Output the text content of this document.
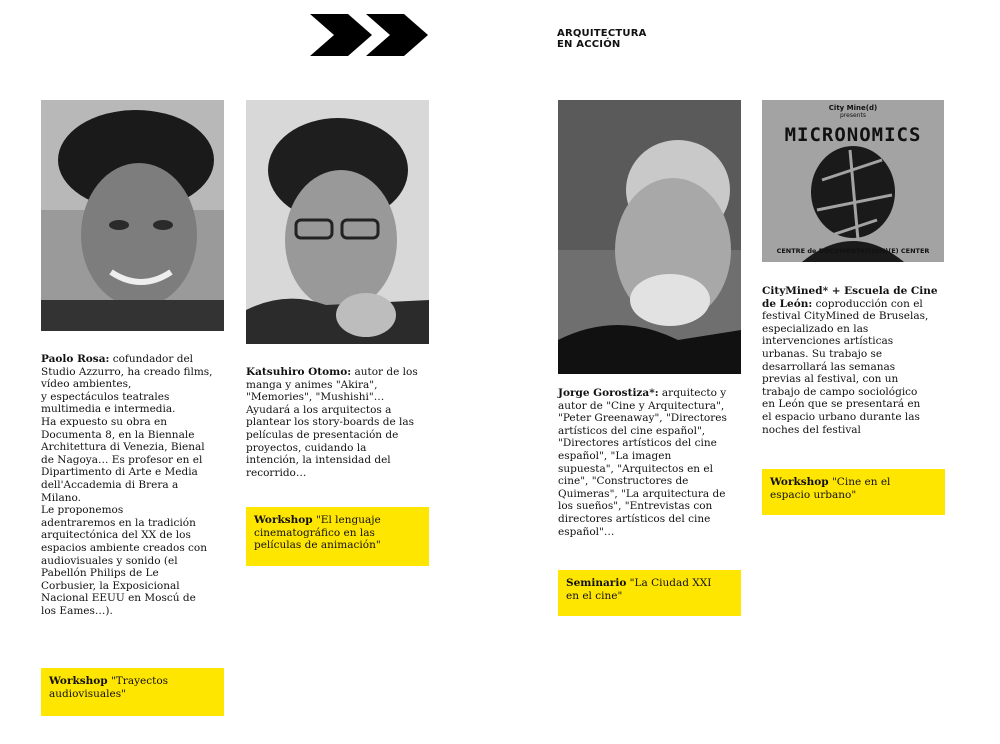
ARQUITECTURA
EN ACCIÓN
City Mine(d)
presents
MICRONOMICS
CENTRE de DOCUMENTATI(ON)(E) CENTER
Paolo Rosa: cofundador del
Studio Azzurro, ha creado films,
vídeo ambientes,
y espectáculos teatrales
multimedia e intermedia.
Ha expuesto su obra en
Documenta 8, en la Biennale
Architettura di Venezia, Bienal
de Nagoya… Es profesor en el
Dipartimento di Arte e Media
dell'Accademia di Brera a
Milano.
Le proponemos
adentraremos en la tradición
arquitectónica del XX de los
espacios ambiente creados con
audiovisuales y sonido (el
Pabellón Philips de Le
Corbusier, la Exposicional
Nacional EEUU en Moscú de
los Eames…).
Workshop "Trayectos
audiovisuales"
Katsuhiro Otomo: autor de los
manga y animes "Akira",
"Memories", "Mushishi"…
Ayudará a los arquitectos a
plantear los story-boards de las
películas de presentación de
proyectos, cuidando la
intención, la intensidad del
recorrido…
Workshop "El lenguaje
cinematográfico en las
películas de animación"
Jorge Gorostiza*: arquitecto y
autor de "Cine y Arquitectura",
"Peter Greenaway", "Directores
artísticos del cine español",
"Directores artísticos del cine
español", "La imagen
supuesta", "Arquitectos en el
cine", "Constructores de
Quimeras", "La arquitectura de
los sueños", "Entrevistas con
directores artísticos del cine
español"…
Seminario "La Ciudad XXI
en el cine"
CityMined* + Escuela de Cine
de León: coproducción con el
festival CityMined de Bruselas,
especializado en las
intervenciones artísticas
urbanas. Su trabajo se
desarrollará las semanas
previas al festival, con un
trabajo de campo sociológico
en León que se presentará en
el espacio urbano durante las
noches del festival
Workshop "Cine en el
espacio urbano"
